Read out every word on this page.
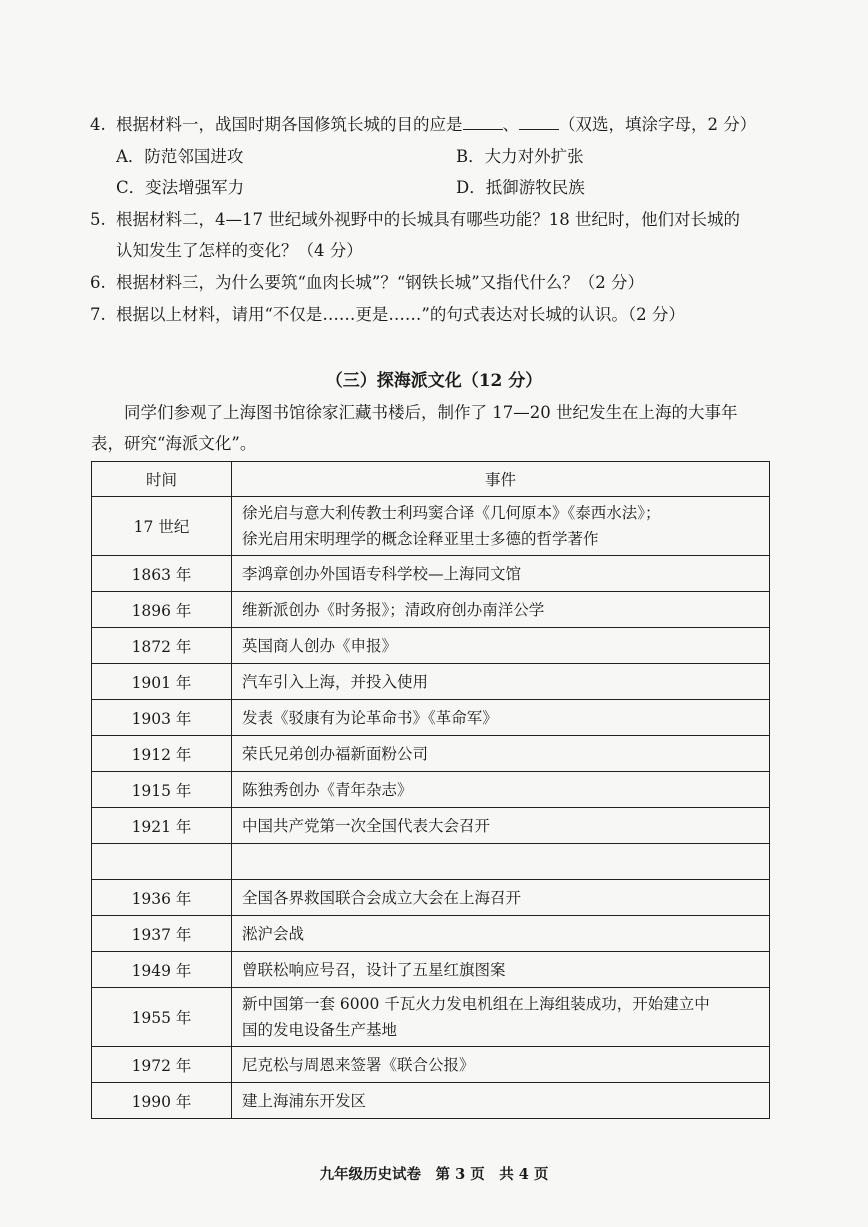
4. 根据材料一，战国时期各国修筑长城的目的应是 、 （双选，填涂字母，2 分）
A．防范邻国进攻	B．大力对外扩张
C．变法增强军力	D．抵御游牧民族
5. 根据材料二，4—17 世纪域外视野中的长城具有哪些功能？18 世纪时，他们对长城的
认知发生了怎样的变化？（4 分）
6. 根据材料三，为什么要筑“血肉长城”？“钢铁长城”又指代什么？（2 分）
7. 根据以上材料，请用“不仅是……更是……”的句式表达对长城的认识。（2 分）
（三）探海派文化（12 分）
同学们参观了上海图书馆徐家汇藏书楼后，制作了 17—20 世纪发生在上海的大事年
表，研究“海派文化”。
时间	事件
17 世纪	徐光启与意大利传教士利玛窦合译《几何原本》《泰西水法》；
徐光启用宋明理学的概念诠释亚里士多德的哲学著作
1863 年	李鸿章创办外国语专科学校—上海同文馆
1896 年	维新派创办《时务报》；清政府创办南洋公学
1872 年	英国商人创办《申报》
1901 年	汽车引入上海，并投入使用
1903 年	发表《驳康有为论革命书》《革命军》
1912 年	荣氏兄弟创办福新面粉公司
1915 年	陈独秀创办《青年杂志》
1921 年	中国共产党第一次全国代表大会召开

1936 年	全国各界救国联合会成立大会在上海召开
1937 年	淞沪会战
1949 年	曾联松响应号召，设计了五星红旗图案
1955 年	新中国第一套 6000 千瓦火力发电机组在上海组装成功，开始建立中
国的发电设备生产基地
1972 年	尼克松与周恩来签署《联合公报》
1990 年	建上海浦东开发区
九年级历史试卷　第 3 页　共 4 页
